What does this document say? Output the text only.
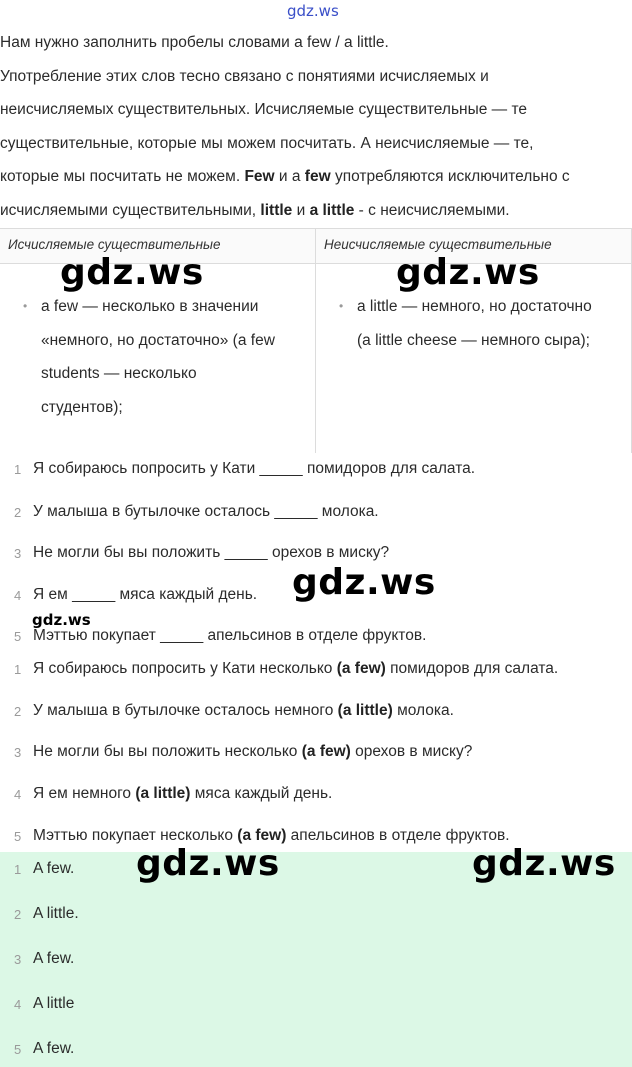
gdz.ws
Нам нужно заполнить пробелы словами a few / a little.
Употребление этих слов тесно связано с понятиями исчисляемых и
неисчисляемых существительных. Исчисляемые существительные — те
существительные, которые мы можем посчитать. А неисчисляемые — те,
которые мы посчитать не можем. Few и а few употребляются исключительно с
исчисляемыми существительными, little и a little - с неисчисляемыми.
Исчисляемые существительные	Неисчисляемые существительные
• a few — несколько в значении
«немного, но достаточно» (a few
students — несколько
студентов);
• a little — немного, но достаточно
(a little cheese — немного сыра);
gdz.ws	gdz.ws
1 Я собираюсь попросить у Кати _____ помидоров для салата.
2 У малыша в бутылочке осталось _____ молока.
3 Не могли бы вы положить _____ орехов в миску?
4 Я ем _____ мяса каждый день.
5 Мэттью покупает _____ апельсинов в отделе фруктов.
gdz.ws
gdz.ws
1 Я собираюсь попросить у Кати несколько (a few) помидоров для салата.
2 У малыша в бутылочке осталось немного (a little) молока.
3 Не могли бы вы положить несколько (a few) орехов в миску?
4 Я ем немного (a little) мяса каждый день.
5 Мэттью покупает несколько (a few) апельсинов в отделе фруктов.
1 A few.
2 A little.
3 A few.
4 A little
5 A few.
gdz.ws	gdz.ws
